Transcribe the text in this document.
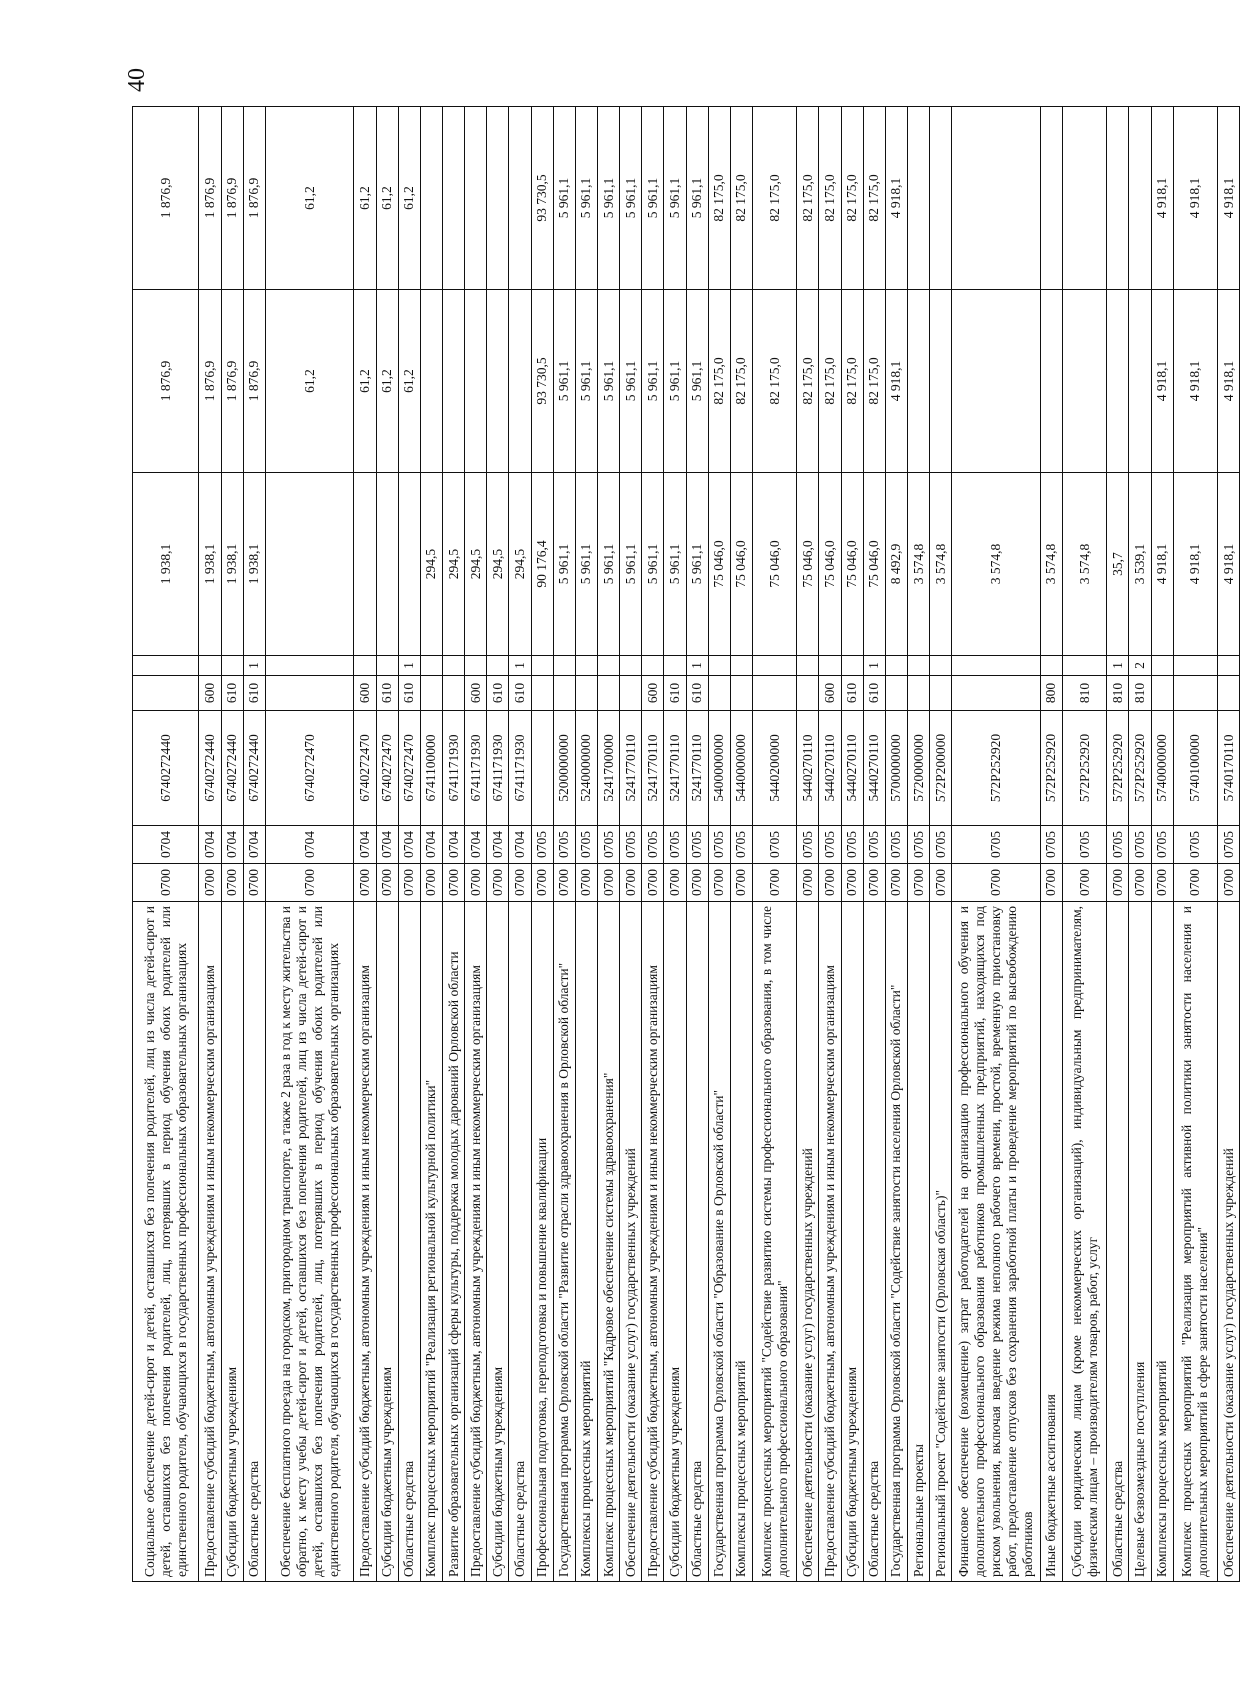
40
Социальное обеспечение детей-сирот и детей, оставшихся без попечения родителей, лиц из числа детей-сирот и детей, оставшихся без попечения родителей, лиц, потерявших в период обучения обоих родителей или единственного родителя, обучающихся в государственных профессиональных образовательных организациях	0700	0704	6740272440			1 938,1	1 876,9	1 876,9
Предоставление субсидий бюджетным, автономным учреждениям и иным некоммерческим организациям	0700	0704	6740272440	600		1 938,1	1 876,9	1 876,9
Субсидии бюджетным учреждениям	0700	0704	6740272440	610		1 938,1	1 876,9	1 876,9
Областные средства	0700	0704	6740272440	610	1	1 938,1	1 876,9	1 876,9
Обеспечение бесплатного проезда на городском, пригородном транспорте, а также 2 раза в год к месту жительства и обратно, к месту учебы детей-сирот и детей, оставшихся без попечения родителей, лиц из числа детей-сирот и детей, оставшихся без попечения родителей, лиц, потерявших в период обучения обоих родителей или единственного родителя, обучающихся в государственных профессиональных образовательных организациях	0700	0704	6740272470				61,2	61,2
Предоставление субсидий бюджетным, автономным учреждениям и иным некоммерческим организациям	0700	0704	6740272470	600			61,2	61,2
Субсидии бюджетным учреждениям	0700	0704	6740272470	610			61,2	61,2
Областные средства	0700	0704	6740272470	610	1		61,2	61,2
Комплекс процессных мероприятий "Реализация региональной культурной политики"	0700	0704	6741100000			294,5		
Развитие образовательных организаций сферы культуры, поддержка молодых дарований Орловской области	0700	0704	6741171930			294,5		
Предоставление субсидий бюджетным, автономным учреждениям и иным некоммерческим организациям	0700	0704	6741171930	600		294,5		
Субсидии бюджетным учреждениям	0700	0704	6741171930	610		294,5		
Областные средства	0700	0704	6741171930	610	1	294,5		
Профессиональная подготовка, переподготовка и повышение квалификации	0700	0705				90 176,4	93 730,5	93 730,5
Государственная программа Орловской области "Развитие отрасли здравоохранения в Орловской области"	0700	0705	5200000000			5 961,1	5 961,1	5 961,1
Комплексы процессных мероприятий	0700	0705	5240000000			5 961,1	5 961,1	5 961,1
Комплекс процессных мероприятий "Кадровое обеспечение системы здравоохранения"	0700	0705	5241700000			5 961,1	5 961,1	5 961,1
Обеспечение деятельности (оказание услуг) государственных учреждений	0700	0705	5241770110			5 961,1	5 961,1	5 961,1
Предоставление субсидий бюджетным, автономным учреждениям и иным некоммерческим организациям	0700	0705	5241770110	600		5 961,1	5 961,1	5 961,1
Субсидии бюджетным учреждениям	0700	0705	5241770110	610		5 961,1	5 961,1	5 961,1
Областные средства	0700	0705	5241770110	610	1	5 961,1	5 961,1	5 961,1
Государственная программа Орловской области "Образование в Орловской области"	0700	0705	5400000000			75 046,0	82 175,0	82 175,0
Комплексы процессных мероприятий	0700	0705	5440000000			75 046,0	82 175,0	82 175,0
Комплекс процессных мероприятий "Содействие развитию системы профессионального образования, в том числе дополнительного профессионального образования"	0700	0705	5440200000			75 046,0	82 175,0	82 175,0
Обеспечение деятельности (оказание услуг) государственных учреждений	0700	0705	5440270110			75 046,0	82 175,0	82 175,0
Предоставление субсидий бюджетным, автономным учреждениям и иным некоммерческим организациям	0700	0705	5440270110	600		75 046,0	82 175,0	82 175,0
Субсидии бюджетным учреждениям	0700	0705	5440270110	610		75 046,0	82 175,0	82 175,0
Областные средства	0700	0705	5440270110	610	1	75 046,0	82 175,0	82 175,0
Государственная программа Орловской области "Содействие занятости населения Орловской области"	0700	0705	5700000000			8 492,9	4 918,1	4 918,1
Региональные проекты	0700	0705	5720000000			3 574,8		
Региональный проект "Содействие занятости (Орловская область)"	0700	0705	572P200000			3 574,8		
Финансовое обеспечение (возмещение) затрат работодателей на организацию профессионального обучения и дополнительного профессионального образования работников промышленных предприятий, находящихся под риском увольнения, включая введение режима неполного рабочего времени, простой, временную приостановку работ, предоставление отпусков без сохранения заработной платы и проведение мероприятий по высвобождению работников	0700	0705	572P252920			3 574,8		
Иные бюджетные ассигнования	0700	0705	572P252920	800		3 574,8		
Субсидии юридическим лицам (кроме некоммерческих организаций), индивидуальным предпринимателям, физическим лицам – производителям товаров, работ, услуг	0700	0705	572P252920	810		3 574,8		
Областные средства	0700	0705	572P252920	810	1	35,7		
Целевые безвозмездные поступления	0700	0705	572P252920	810	2	3 539,1		
Комплексы процессных мероприятий	0700	0705	5740000000			4 918,1	4 918,1	4 918,1
Комплекс процессных мероприятий "Реализация мероприятий активной политики занятости населения и дополнительных мероприятий в сфере занятости населения"	0700	0705	5740100000			4 918,1	4 918,1	4 918,1
Обеспечение деятельности (оказание услуг) государственных учреждений	0700	0705	5740170110			4 918,1	4 918,1	4 918,1
